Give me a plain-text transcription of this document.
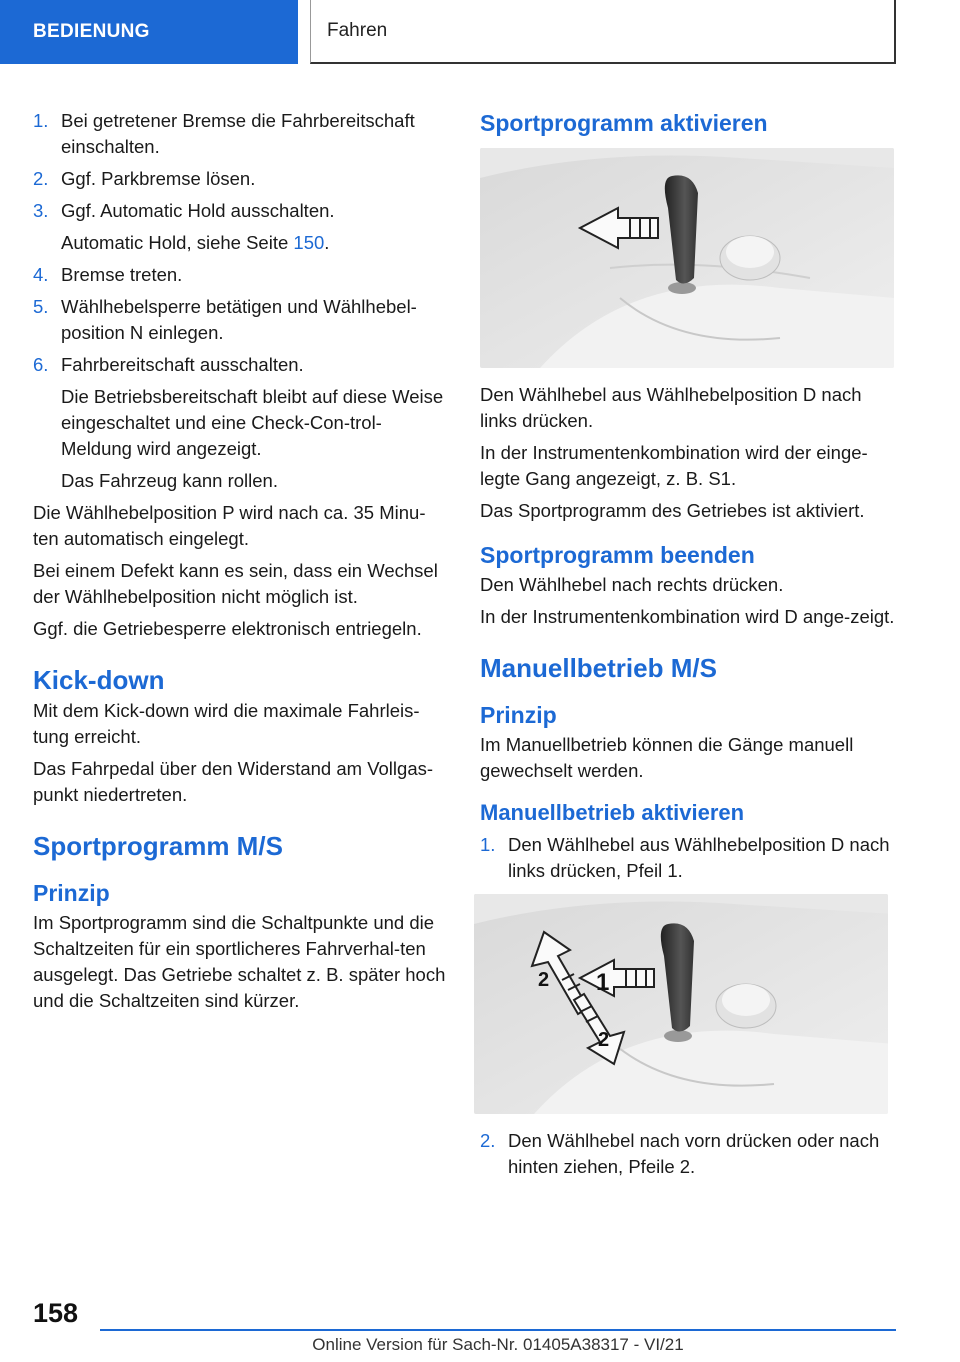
BEDIENUNG	Fahren
1. Bei getretener Bremse die Fahrbereitschaft einschalten.
2. Ggf. Parkbremse lösen.
3. Ggf. Automatic Hold ausschalten.

Automatic Hold, siehe Seite 150.

4. Bremse treten.
5. Wählhebelsperre betätigen und Wählhebel-position N einlegen.
6. Fahrbereitschaft ausschalten.

Die Betriebsbereitschaft bleibt auf diese Weise eingeschaltet und eine Check-Con-trol-Meldung wird angezeigt.

Das Fahrzeug kann rollen.

Die Wählhebelposition P wird nach ca. 35 Minu-ten automatisch eingelegt.

Bei einem Defekt kann es sein, dass ein Wechsel der Wählhebelposition nicht möglich ist.

Ggf. die Getriebesperre elektronisch entriegeln.

Kick-down

Mit dem Kick-down wird die maximale Fahrleis-tung erreicht.

Das Fahrpedal über den Widerstand am Vollgas-punkt niedertreten.

Sportprogramm M/S
Prinzip

Im Sportprogramm sind die Schaltpunkte und die Schaltzeiten für ein sportlicheres Fahrverhal-ten ausgelegt. Das Getriebe schaltet z. B. später hoch und die Schaltzeiten sind kürzer.

Sportprogramm aktivieren

Den Wählhebel aus Wählhebelposition D nach links drücken.

In der Instrumentenkombination wird der einge-legte Gang angezeigt, z. B. S1.

Das Sportprogramm des Getriebes ist aktiviert.

Sportprogramm beenden

Den Wählhebel nach rechts drücken.

In der Instrumentenkombination wird D ange-zeigt.

Manuellbetrieb M/S
Prinzip

Im Manuellbetrieb können die Gänge manuell gewechselt werden.

Manuellbetrieb aktivieren
1. Den Wählhebel aus Wählhebelposition D nach links drücken, Pfeil 1.
1
2
2
2. Den Wählhebel nach vorn drücken oder nach hinten ziehen, Pfeile 2.
158
Online Version für Sach-Nr. 01405A38317 - VI/21
